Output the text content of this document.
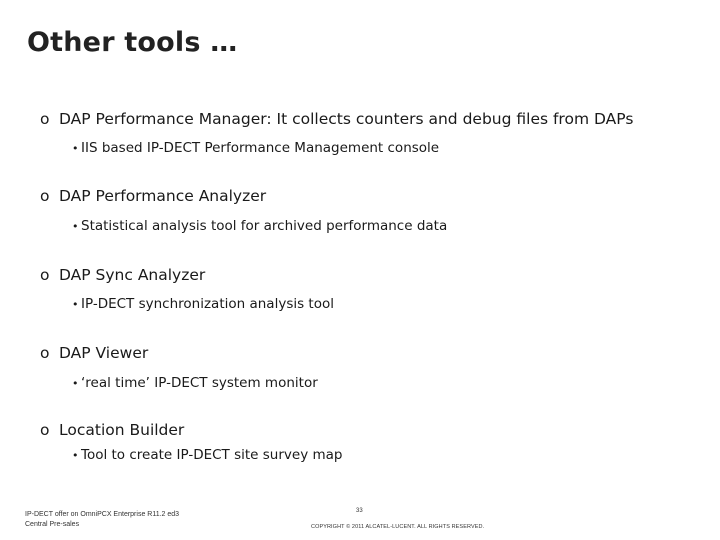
Other tools …
o DAP Performance Manager: It collects counters and debug files from DAPs
• IIS based IP-DECT Performance Management console
o DAP Performance Analyzer
• Statistical analysis tool for archived performance data
o DAP Sync Analyzer
• IP-DECT synchronization analysis tool
o DAP Viewer
• ‘real time’ IP-DECT system monitor
o Location Builder
• Tool to create IP-DECT site survey map
IP-DECT offer on OmniPCX Enterprise R11.2 ed3
Central Pre-sales
33
COPYRIGHT © 2011 ALCATEL-LUCENT. ALL RIGHTS RESERVED.
